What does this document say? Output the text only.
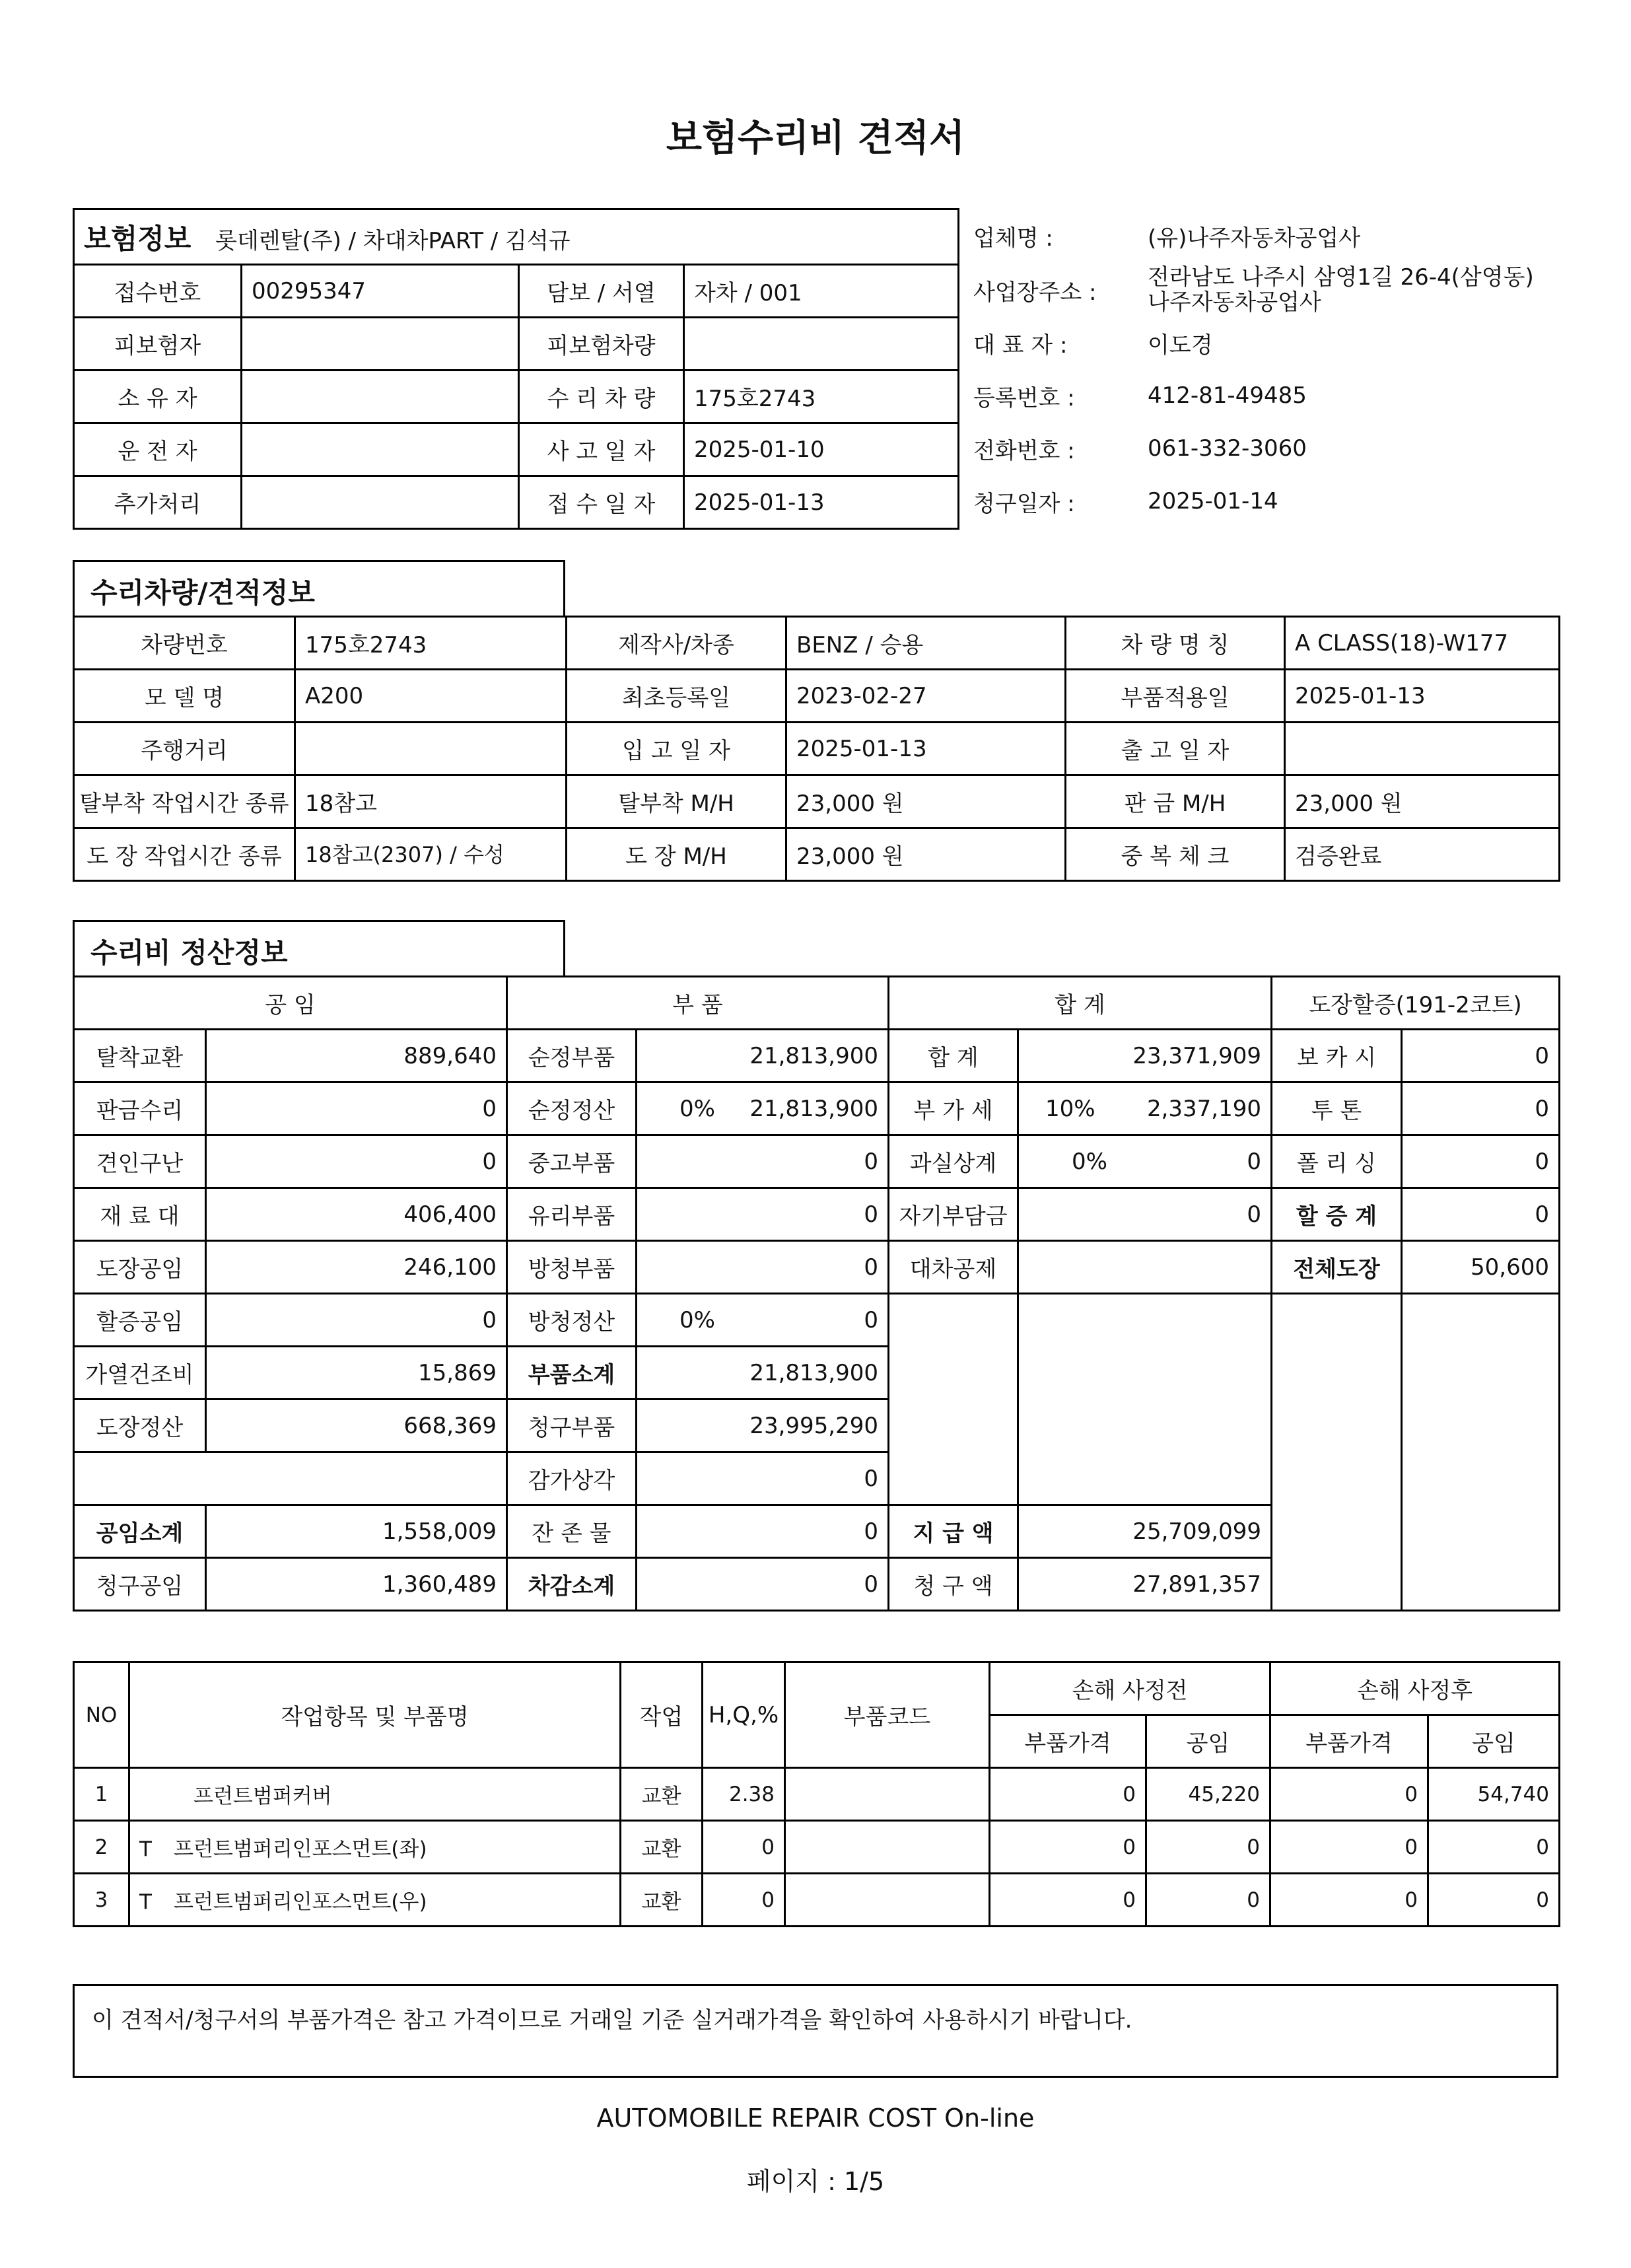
보험수리비 견적서
보험정보 롯데렌탈(주) / 차대차PART / 김석규			
접수번호	00295347	담보 / 서열	자차 / 001
피보험자		피보험차량	
소 유 자		수 리 차 량	175호2743
운 전 자		사 고 일 자	2025-01-10
추가처리		접 수 일 자	2025-01-13
업체명 :	(유)나주자동차공업사
사업장주소 :	전라남도 나주시 삼영1길 26-4(삼영동) 나주자동차공업사
대 표 자 :	이도경
등록번호 :	412-81-49485
전화번호 :	061-332-3060
청구일자 :	2025-01-14
수리차량/견적정보
차량번호	175호2743	제작사/차종	BENZ / 승용	차 량 명 칭	A CLASS(18)-W177
모 델 명	A200	최초등록일	2023-02-27	부품적용일	2025-01-13
주행거리		입 고 일 자	2025-01-13	출 고 일 자	
탈부착 작업시간 종류	18참고	탈부착 M/H	23,000 원	판 금 M/H	23,000 원
도 장 작업시간 종류	18참고(2307) / 수성	도 장 M/H	23,000 원	중 복 체 크	검증완료
수리비 정산정보
공 임		부 품		합 계		도장할증(191-2코트)	
탈착교환	889,640	순정부품	21,813,900	합 계	23,371,909	보 카 시	0
판금수리	0	순정정산	0% 21,813,900	부 가 세	10% 2,337,190	투 톤	0
견인구난	0	중고부품	0	과실상계	0% 0	폴 리 싱	0
재 료 대	406,400	유리부품	0	자기부담금	0	할 증 계	0
도장공임	246,100	방청부품	0	대차공제		전체도장	50,600
할증공임	0	방청정산	0% 0				
가열건조비	15,869	부품소계	21,813,900				
도장정산	668,369	청구부품	23,995,290				
		감가상각	0				
공임소계	1,558,009	잔 존 물	0	지 급 액	25,709,099		
청구공임	1,360,489	차감소계	0	청 구 액	27,891,357		
NO	작업항목 및 부품명	작업	H,Q,%	부품코드	손해 사정전		손해 사정후	
					부품가격	공임	부품가격	공임
1	프런트범퍼커버	교환	2.38		0	45,220	0	54,740
2	T 프런트범퍼리인포스먼트(좌)	교환	0		0	0	0	0
3	T 프런트범퍼리인포스먼트(우)	교환	0		0	0	0	0
이 견적서/청구서의 부품가격은 참고 가격이므로 거래일 기준 실거래가격을 확인하여 사용하시기 바랍니다.
AUTOMOBILE REPAIR COST On-line
페이지 : 1/5
